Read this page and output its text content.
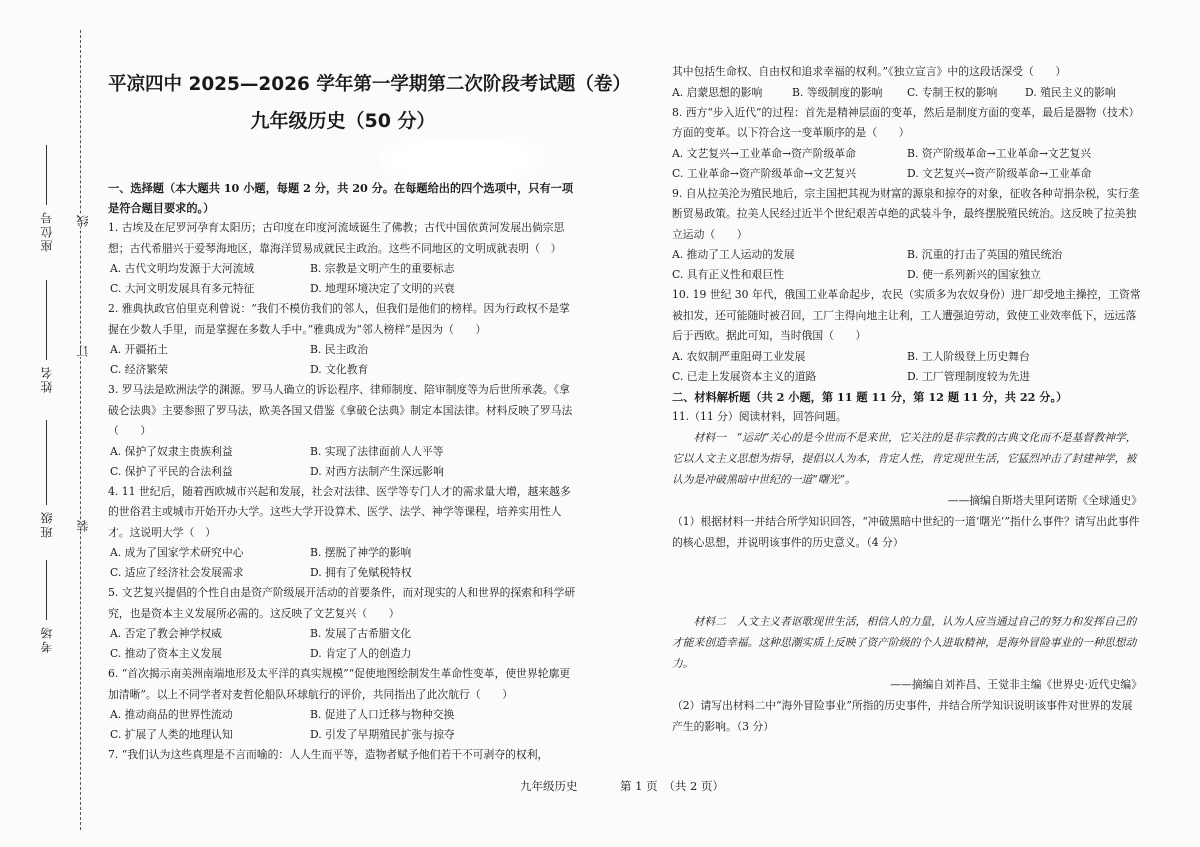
座位号
姓名
班级
考场
线
订
装
平凉四中 2025—2026 学年第一学期第二次阶段考试题（卷）
九年级历史（50 分）
一、选择题（本大题共 10 小题，每题 2 分，共 20 分。在每题给出的四个选项中，只有一项是符合题目要求的。）

1. 古埃及在尼罗河孕育太阳历；古印度在印度河流域诞生了佛教；古代中国依黄河发展出倘宗思想；古代希腊兴于爱琴海地区，靠海洋贸易成就民主政治。这些不同地区的文明成就表明（　）

A. 古代文明均发源于大河流域	B. 宗教是文明产生的重要标志
C. 大河文明发展具有多元特征	D. 地理环境决定了文明的兴衰

2. 雅典执政官伯里克利曾说：“我们不模仿我们的邻人，但我们是他们的榜样。因为行政权不是掌握在少数人手里，而是掌握在多数人手中。”雅典成为“邻人榜样”是因为（　　）

A. 开疆拓土	B. 民主政治
C. 经济繁荣	D. 文化教育

3. 罗马法是欧洲法学的渊源。罗马人确立的诉讼程序、律师制度、陪审制度等为后世所承袭。《拿破仑法典》主要参照了罗马法，欧美各国又借鉴《拿破仑法典》制定本国法律。材料反映了罗马法（　　）

A. 保护了奴隶主贵族利益	B. 实现了法律面前人人平等
C. 保护了平民的合法利益	D. 对西方法制产生深远影响

4. 11 世纪后，随着西欧城市兴起和发展，社会对法律、医学等专门人才的需求量大增，越来越多的世俗君主或城市开始开办大学。这些大学开设算术、医学、法学、神学等课程，培养实用性人才。这说明大学（　）

A. 成为了国家学术研究中心	B. 摆脱了神学的影响
C. 适应了经济社会发展需求	D. 拥有了免赋税特权

5. 文艺复兴提倡的个性自由是资产阶级展开活动的首要条件，而对现实的人和世界的探索和科学研究，也是资本主义发展所必需的。这反映了文艺复兴（　　）

A. 否定了教会神学权威	B. 发展了古希腊文化
C. 推动了资本主义发展	D. 肯定了人的创造力

6. “首次揭示南美洲南端地形及太平洋的真实规模”“促使地图绘制发生革命性变革，使世界轮廓更加清晰”。以上不同学者对麦哲伦船队环球航行的评价，共同指出了此次航行（　　）

A. 推动商品的世界性流动	B. 促进了人口迁移与物种交换
C. 扩展了人类的地理认知	D. 引发了早期殖民扩张与掠夺

7. “我们认为这些真理是不言而喻的：人人生而平等，造物者赋予他们若干不可剥夺的权利，

其中包括生命权、自由权和追求幸福的权利。”《独立宣言》中的这段话深受（　　）

A. 启蒙思想的影响	B. 等级制度的影响	C. 专制王权的影响	D. 殖民主义的影响

8. 西方“步入近代”的过程：首先是精神层面的变革，然后是制度方面的变革，最后是器物（技术）方面的变革。以下符合这一变革顺序的是（　　）

A. 文艺复兴→工业革命→资产阶级革命	B. 资产阶级革命→工业革命→文艺复兴
C. 工业革命→资产阶级革命→文艺复兴	D. 文艺复兴→资产阶级革命→工业革命

9. 自从拉美沦为殖民地后，宗主国把其视为财富的源泉和掠夺的对象，征收各种苛捐杂税，实行垄断贸易政策。拉美人民经过近半个世纪艰苦卓绝的武装斗争，最终摆脱殖民统治。这反映了拉美独立运动（　　）

A. 推动了工人运动的发展	B. 沉重的打击了英国的殖民统治
C. 具有正义性和艰巨性	D. 使一系列新兴的国家独立

10. 19 世纪 30 年代，俄国工业革命起步，农民（实质多为农奴身份）进厂却受地主操控，工资常被扣发，还可能随时被召回，工厂主得向地主让利，工人遭强迫劳动，致使工业效率低下，远远落后于西欧。据此可知，当时俄国（　　）

A. 农奴制严重阻碍工业发展	B. 工人阶级登上历史舞台
C. 已走上发展资本主义的道路	D. 工厂管理制度较为先进
二、材料解析题（共 2 小题，第 11 题 11 分，第 12 题 11 分，共 22 分。）

11.（11 分）阅读材料，回答问题。

材料一　“运动”关心的是今世而不是来世，它关注的是非宗教的古典文化而不是基督教神学，它以人文主义思想为指导，提倡以人为本，肯定人性，肯定现世生活，它猛烈冲击了封建神学，被认为是冲破黑暗中世纪的一道“曙光”。

——摘编自斯塔夫里阿诺斯《全球通史》

（1）根据材料一并结合所学知识回答，“冲破黑暗中世纪的一道‘曙光’”指什么事件？请写出此事件的核心思想，并说明该事件的历史意义。（4 分）

材料二　人文主义者讴歌现世生活，相信人的力量，认为人应当通过自己的努力和发挥自己的才能来创造幸福。这种思潮实质上反映了资产阶级的个人进取精神，是海外冒险事业的一种思想动力。

——摘编自刘祚昌、王觉非主编《世界史·近代史编》

（2）请写出材料二中“海外冒险事业”所指的历史事件，并结合所学知识说明该事件对世界的发展产生的影响。（3 分）

九年级历史	第 1 页　（共 2 页）
